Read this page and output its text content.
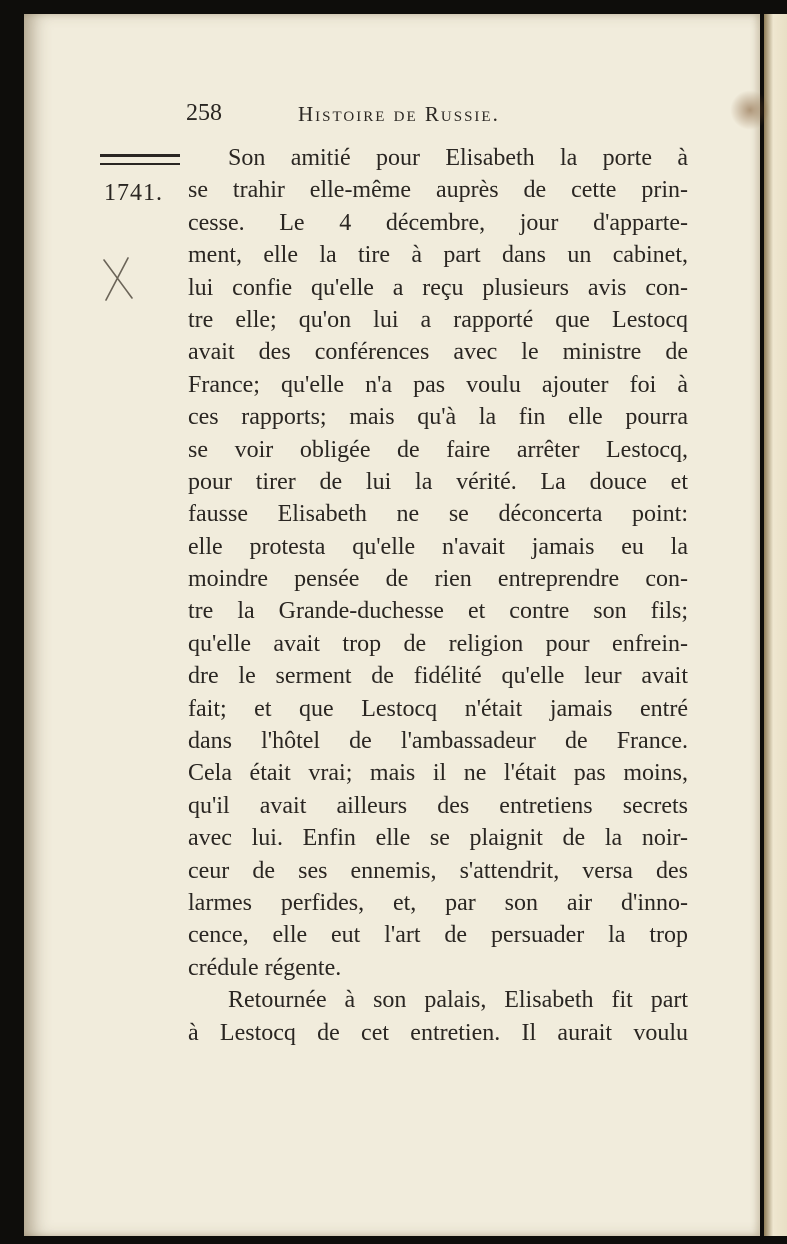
258	Histoire de Russie.
1741.
Son amitié pour Elisabeth la porte à
se trahir elle-même auprès de cette prin-
cesse. Le 4 décembre, jour d'apparte-
ment, elle la tire à part dans un cabinet,
lui confie qu'elle a reçu plusieurs avis con-
tre elle; qu'on lui a rapporté que Lestocq
avait des conférences avec le ministre de
France; qu'elle n'a pas voulu ajouter foi à
ces rapports; mais qu'à la fin elle pourra
se voir obligée de faire arrêter Lestocq,
pour tirer de lui la vérité. La douce et
fausse Elisabeth ne se déconcerta point:
elle protesta qu'elle n'avait jamais eu la
moindre pensée de rien entreprendre con-
tre la Grande-duchesse et contre son fils;
qu'elle avait trop de religion pour enfrein-
dre le serment de fidélité qu'elle leur avait
fait; et que Lestocq n'était jamais entré
dans l'hôtel de l'ambassadeur de France.
Cela était vrai; mais il ne l'était pas moins,
qu'il avait ailleurs des entretiens secrets
avec lui. Enfin elle se plaignit de la noir-
ceur de ses ennemis, s'attendrit, versa des
larmes perfides, et, par son air d'inno-
cence, elle eut l'art de persuader la trop
crédule régente.
Retournée à son palais, Elisabeth fit part
à Lestocq de cet entretien. Il aurait voulu
